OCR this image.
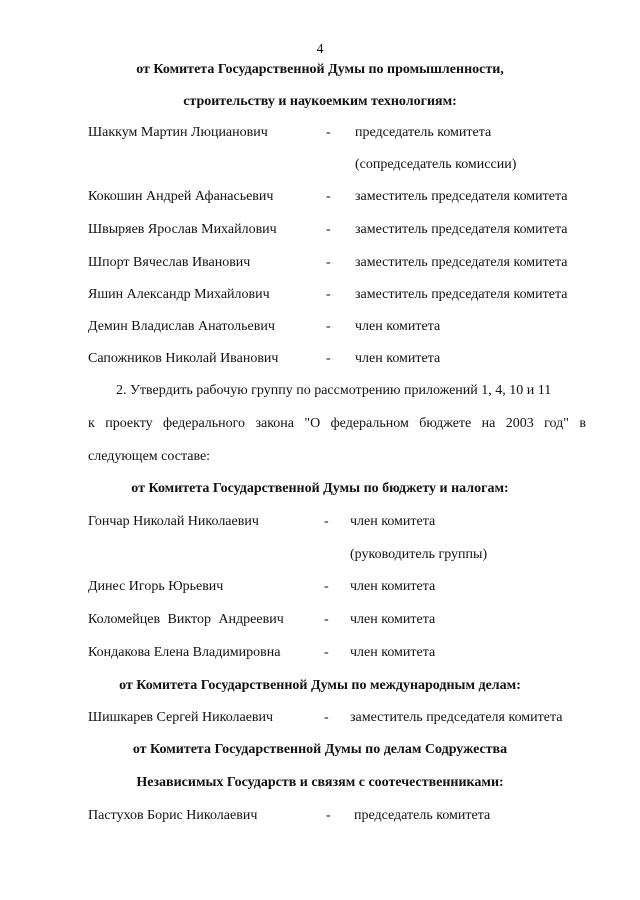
4
от Комитета Государственной Думы по промышленности,
строительству и наукоемким технологиям:
Шаккум Мартин Люцианович	- председатель комитета
(сопредседатель комиссии)
Кокошин Андрей Афанасьевич	- заместитель председателя комитета
Швыряев Ярослав Михайлович	- заместитель председателя комитета
Шпорт Вячеслав Иванович	- заместитель председателя комитета
Яшин Александр Михайлович	- заместитель председателя комитета
Демин Владислав Анатольевич	- член комитета
Сапожников Николай Иванович	- член комитета
2. Утвердить рабочую группу по рассмотрению приложений 1, 4, 10 и 11
к проекту федерального закона "О федеральном бюджете на 2003 год" в
следующем составе:
от Комитета Государственной Думы по бюджету и налогам:
Гончар Николай Николаевич	- член комитета
(руководитель группы)
Динес Игорь Юрьевич	- член комитета
Коломейцев Виктор Андреевич	- член комитета
Кондакова Елена Владимировна	- член комитета
от Комитета Государственной Думы по международным делам:
Шишкарев Сергей Николаевич	- заместитель председателя комитета
от Комитета Государственной Думы по делам Содружества
Независимых Государств и связям с соотечественниками:
Пастухов Борис Николаевич	- председатель комитета
